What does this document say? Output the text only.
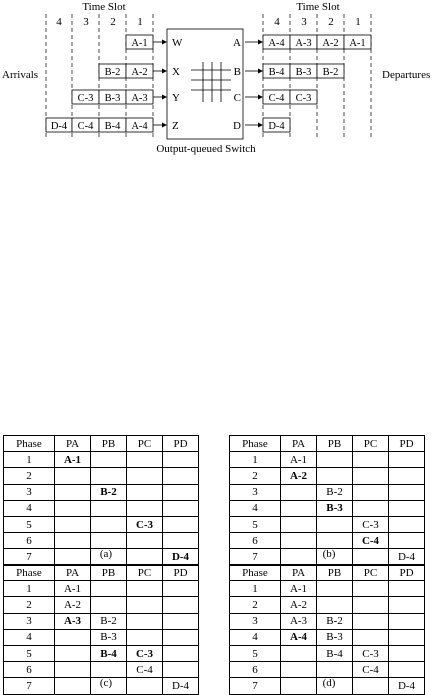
Time Slot	Time Slot
4 3 2 1	4 3 2 1
Arrivals	Departures
Output-queued Switch
A-1 W
B-2 A-2 X
C-3 B-3 A-3 Y
D-4 C-4 B-4 A-4 Z
A	A-4 A-3 A-2 A-1
B	B-4 B-3 B-2
C	C-4 C-3
D	D-4
Phase	PA	PB	PC	PD
1	A-1			
2				
3		B-2		
4				
5			C-3	
6				
7				D-4
(a)
Phase	PA	PB	PC	PD
1	A-1			
2	A-2			
3		B-2		
4		B-3		
5			C-3	
6			C-4	
7				D-4
(b)
Phase	PA	PB	PC	PD
1	A-1			
2	A-2			
3	A-3	B-2		
4		B-3		
5		B-4	C-3	
6			C-4	
7				D-4
(c)
Phase	PA	PB	PC	PD
1	A-1			
2	A-2			
3	A-3	B-2		
4	A-4	B-3		
5		B-4	C-3	
6			C-4	
7				D-4
(d)
